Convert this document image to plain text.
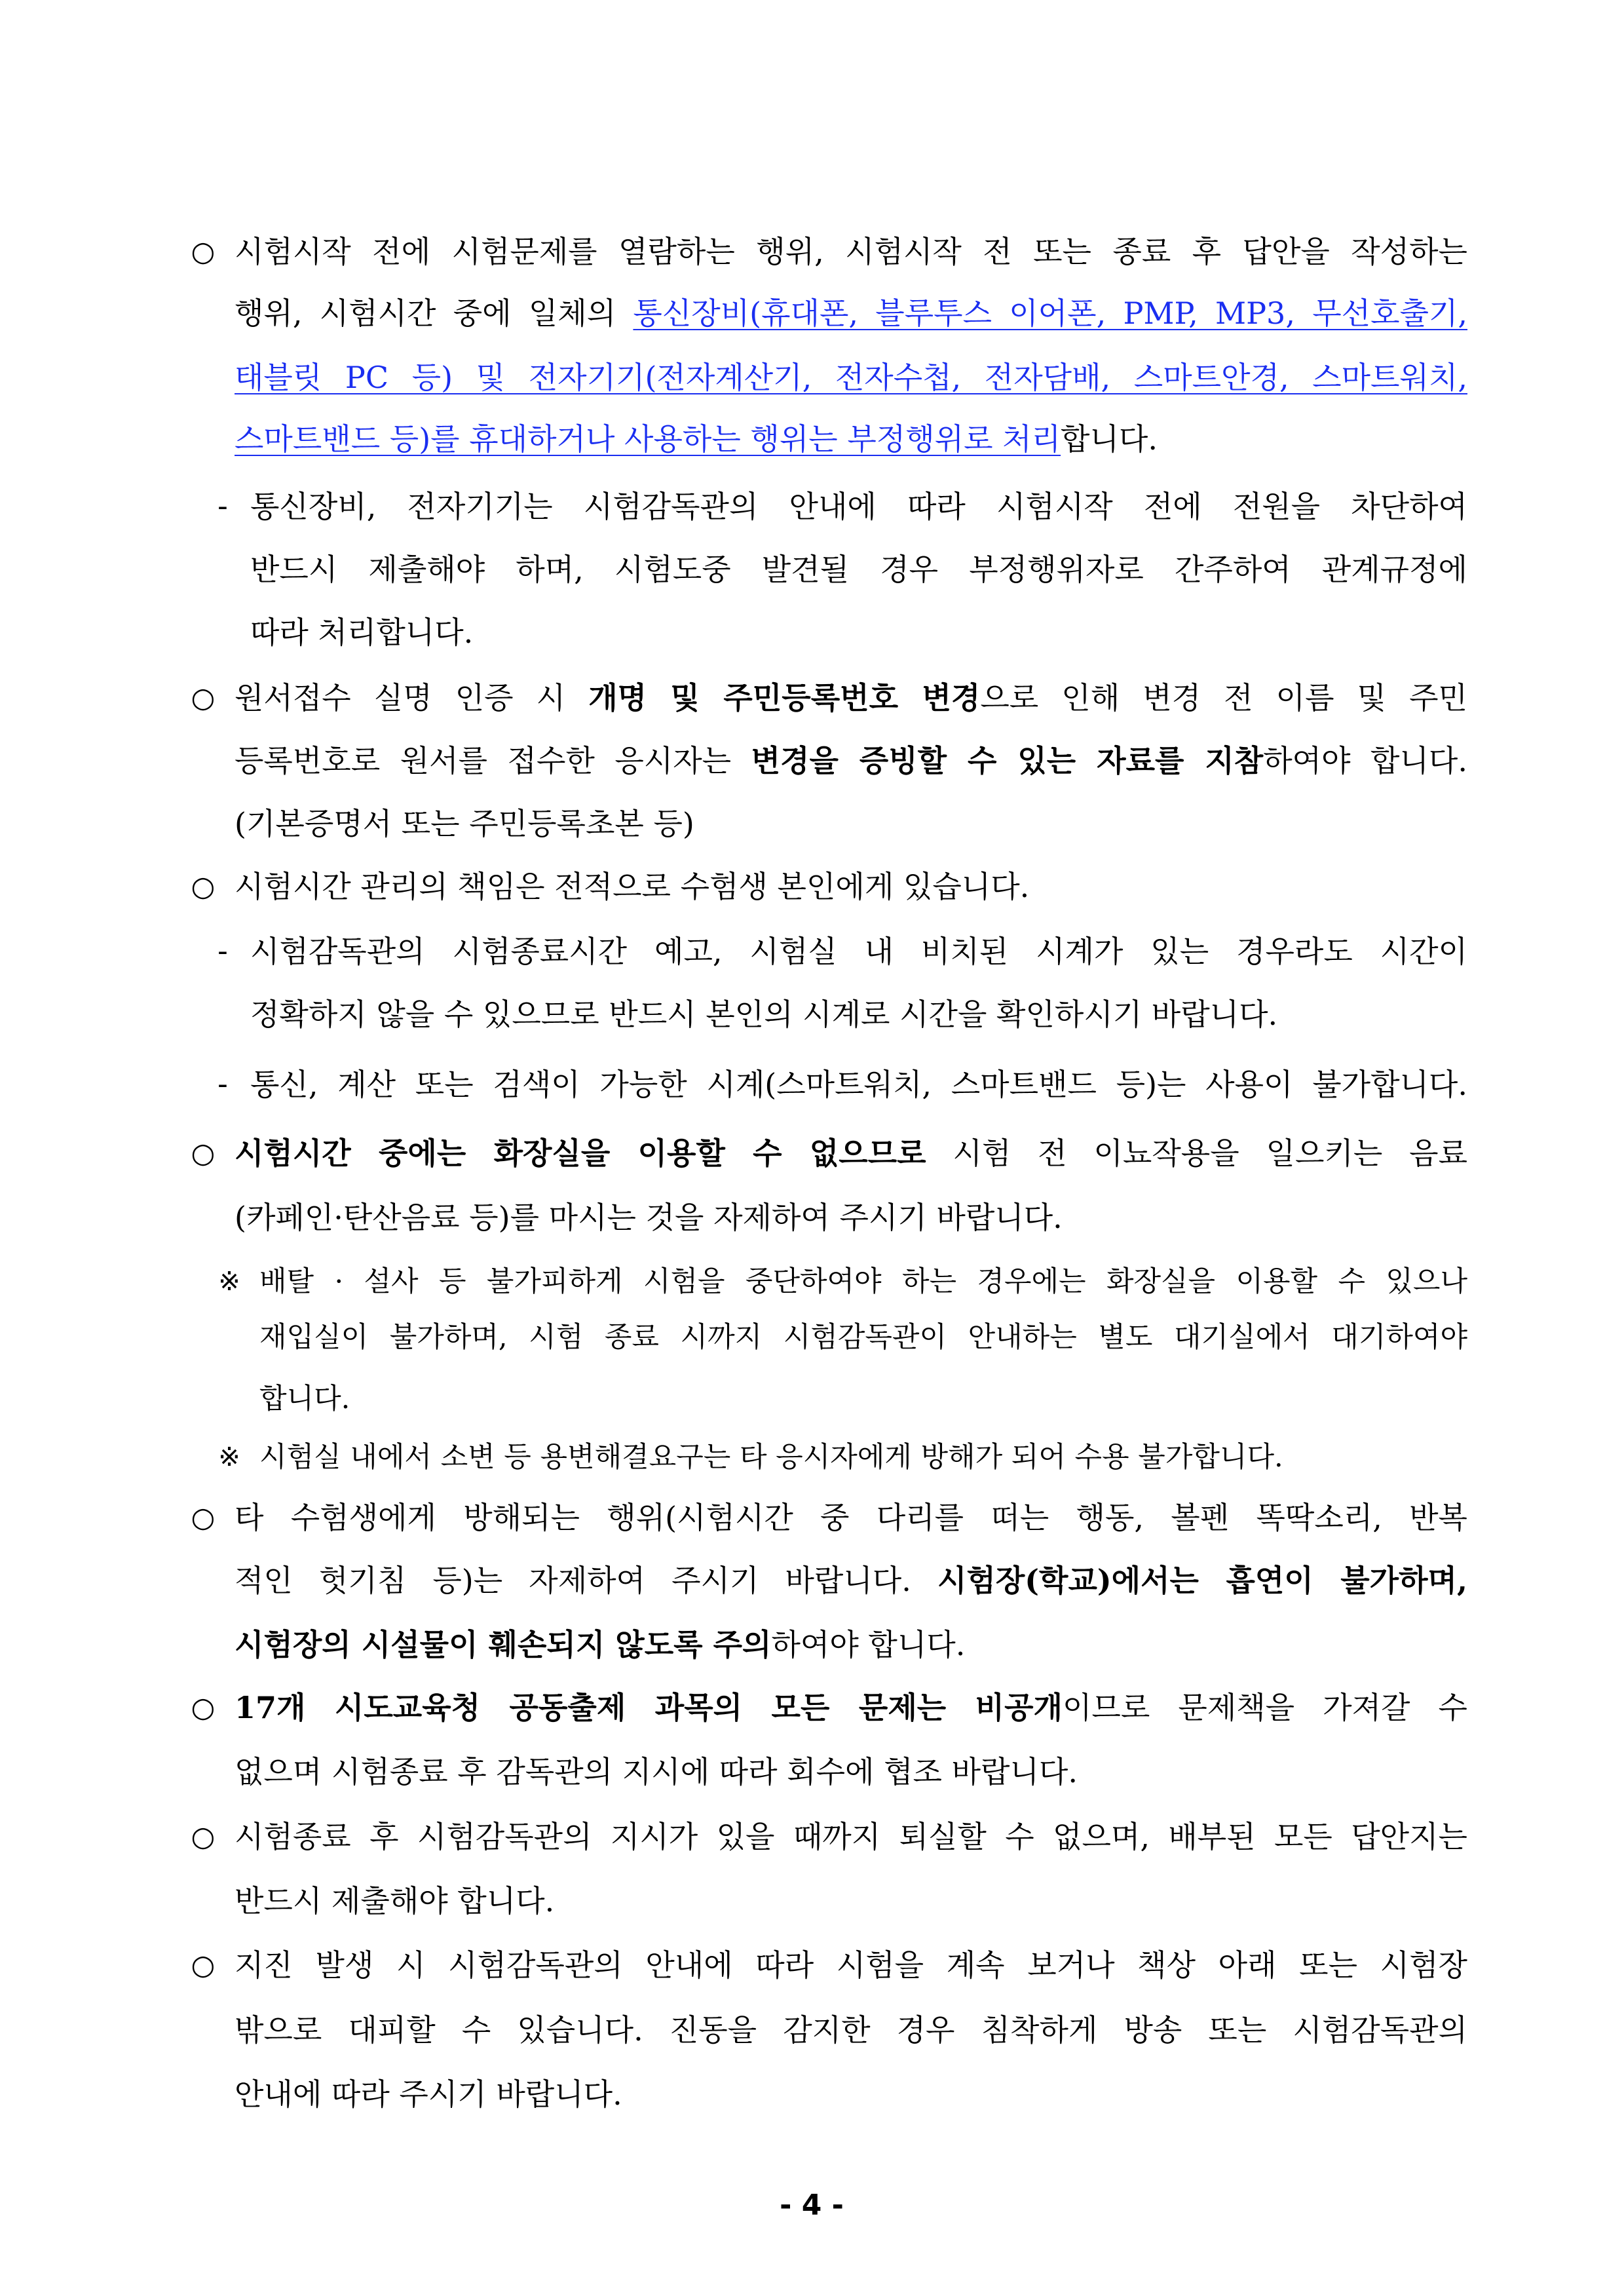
○ 시험시작 전에 시험문제를 열람하는 행위, 시험시작 전 또는 종료 후 답안을 작성하는
행위, 시험시간 중에 일체의 통신장비(휴대폰, 블루투스 이어폰, PMP, MP3, 무선호출기,
태블릿 PC 등) 및 전자기기(전자계산기, 전자수첩, 전자담배, 스마트안경, 스마트워치,
스마트밴드 등)를 휴대하거나 사용하는 행위는 부정행위로 처리합니다.
- 통신장비, 전자기기는 시험감독관의 안내에 따라 시험시작 전에 전원을 차단하여
반드시 제출해야 하며, 시험도중 발견될 경우 부정행위자로 간주하여 관계규정에
따라 처리합니다.
○ 원서접수 실명 인증 시 개명 및 주민등록번호 변경으로 인해 변경 전 이름 및 주민
등록번호로 원서를 접수한 응시자는 변경을 증빙할 수 있는 자료를 지참하여야 합니다.
(기본증명서 또는 주민등록초본 등)
○ 시험시간 관리의 책임은 전적으로 수험생 본인에게 있습니다.
- 시험감독관의 시험종료시간 예고, 시험실 내 비치된 시계가 있는 경우라도 시간이
정확하지 않을 수 있으므로 반드시 본인의 시계로 시간을 확인하시기 바랍니다.
- 통신, 계산 또는 검색이 가능한 시계(스마트워치, 스마트밴드 등)는 사용이 불가합니다.
○ 시험시간 중에는 화장실을 이용할 수 없으므로 시험 전 이뇨작용을 일으키는 음료
(카페인·탄산음료 등)를 마시는 것을 자제하여 주시기 바랍니다.
※ 배탈 · 설사 등 불가피하게 시험을 중단하여야 하는 경우에는 화장실을 이용할 수 있으나
재입실이 불가하며, 시험 종료 시까지 시험감독관이 안내하는 별도 대기실에서 대기하여야
합니다.
※ 시험실 내에서 소변 등 용변해결요구는 타 응시자에게 방해가 되어 수용 불가합니다.
○ 타 수험생에게 방해되는 행위(시험시간 중 다리를 떠는 행동, 볼펜 똑딱소리, 반복
적인 헛기침 등)는 자제하여 주시기 바랍니다. 시험장(학교)에서는 흡연이 불가하며,
시험장의 시설물이 훼손되지 않도록 주의하여야 합니다.
○ 17개 시도교육청 공동출제 과목의 모든 문제는 비공개이므로 문제책을 가져갈 수
없으며 시험종료 후 감독관의 지시에 따라 회수에 협조 바랍니다.
○ 시험종료 후 시험감독관의 지시가 있을 때까지 퇴실할 수 없으며, 배부된 모든 답안지는
반드시 제출해야 합니다.
○ 지진 발생 시 시험감독관의 안내에 따라 시험을 계속 보거나 책상 아래 또는 시험장
밖으로 대피할 수 있습니다. 진동을 감지한 경우 침착하게 방송 또는 시험감독관의
안내에 따라 주시기 바랍니다.
- 4 -
